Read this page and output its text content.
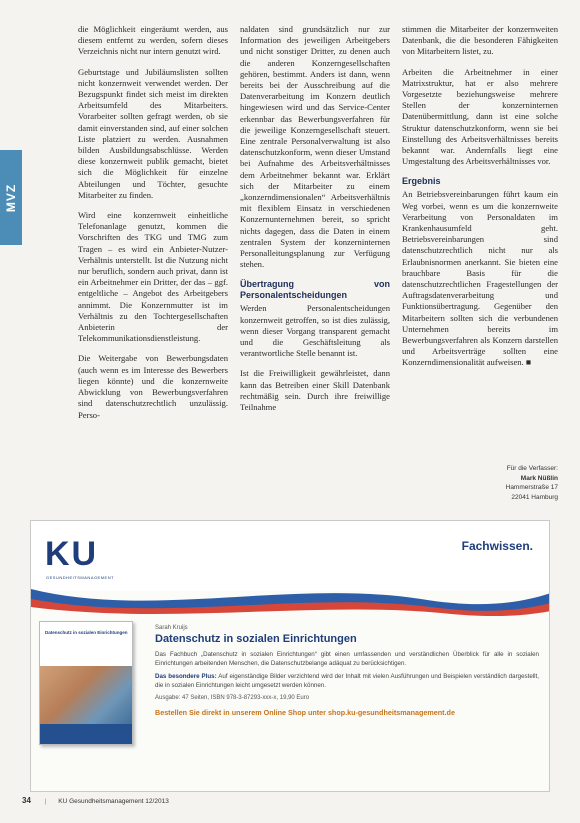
MVZ

die Möglichkeit eingeräumt werden, aus diesem entfernt zu werden, sofern dieses Verzeichnis nicht nur intern genutzt wird.

Geburtstage und Jubiläumslisten sollten nicht konzernweit verwendet werden. Der Bezugspunkt findet sich meist im direkten Arbeitsumfeld des Mitarbeiters. Vorarbeiter sollten gefragt werden, ob sie damit einverstanden sind, auf einer solchen Liste platziert zu werden. Ausnahmen bilden Ausbildungsabschlüsse. Werden diese konzernweit publik gemacht, bietet sich die Möglichkeit für einzelne Abteilungen und Töchter, gesuchte Mitarbeiter zu finden.

Wird eine konzernweit einheitliche Telefonanlage genutzt, kommen die Vorschriften des TKG und TMG zum Tragen – es wird ein Anbieter-Nutzer-Verhältnis unterstellt. Ist die Nutzung nicht nur beruflich, sondern auch privat, dann ist ein Arbeitnehmer ein Dritter, der das – ggf. entgeltliche – Angebot des Arbeitgebers annimmt. Die Konzernmutter ist im Verhältnis zu den Tochtergesellschaften Anbieterin der Telekommunikationsdienstleistung.

Die Weitergabe von Bewerbungsdaten (auch wenn es im Interesse des Bewerbers liegen könnte) und die konzernweite Abwicklung von Bewerbungsverfahren sind datenschutzrechtlich unzulässig. Perso-

naldaten sind grundsätzlich nur zur Information des jeweiligen Arbeitgebers und nicht sonstiger Dritter, zu denen auch die anderen Konzerngesellschaften gehören, bestimmt. Anders ist dann, wenn bereits bei der Ausschreibung auf die Datenverarbeitung im Konzern deutlich hingewiesen wird und das Service-Center erkennbar das Bewerbungsverfahren für die jeweilige Konzerngesellschaft steuert. Eine zentrale Personalverwaltung ist also datenschutzkonform, wenn dieser Umstand bei Aufnahme des Arbeitsverhältnisses dem Arbeitnehmer bekannt war. Erklärt sich der Mitarbeiter zu einem „konzerndimensionalen“ Arbeitsverhältnis mit flexiblem Einsatz in verschiedenen Konzernunternehmen bereit, so spricht nichts dagegen, dass die Daten in einem zentralen System der konzerninternen Personalleitungsplanung zur Verfügung stehen.

Übertragung von Personalentscheidungen

Werden Personalentscheidungen konzernweit getroffen, so ist dies zulässig, wenn dieser Vorgang transparent gemacht und die Geschäftsleitung als verantwortliche Stelle benannt ist.

Ist die Freiwilligkeit gewährleistet, dann kann das Betreiben einer Skill Datenbank rechtmäßig sein. Durch ihre freiwillige Teilnahme

stimmen die Mitarbeiter der konzernweiten Datenbank, die die besonderen Fähigkeiten von Mitarbeitern listet, zu.

Arbeiten die Arbeitnehmer in einer Matrixstruktur, hat er also mehrere Vorgesetzte beziehungsweise mehrere Stellen der konzerninternen Datenübermittlung, dann ist eine solche Struktur datenschutzkonform, wenn sie bei Einstellung des Arbeitsverhältnisses bereits bekannt war. Andernfalls liegt eine Umgestaltung des Arbeitsverhältnisses vor.

Ergebnis

An Betriebsvereinbarungen führt kaum ein Weg vorbei, wenn es um die konzernweite Verarbeitung von Personaldaten im Krankenhausumfeld geht. Betriebsvereinbarungen sind datenschutzrechtlich nicht nur als Erlaubnisnormen anerkannt. Sie bieten eine brauchbare Basis für die datenschutzrechtlichen Fragestellungen der Auftragsdatenverarbeitung und Funktionsübertragung. Gegenüber den Mitarbeitern sollten sich die verbundenen Unternehmen bereits im Bewerbungsverfahren als Konzern darstellen und Arbeitsverträge sollten eine Konzerndimensionalität aufweisen. ■

Für die Verfasser:
Mark Nüßlin
Hammerstraße 17
22041 Hamburg
KU
GESUNDHEITSMANAGEMENT
Fachwissen.
Datenschutz in sozialen Einrichtungen
Sarah Kruijs
Datenschutz in sozialen Einrichtungen
Das Fachbuch „Datenschutz in sozialen Einrichtungen“ gibt einen umfassenden und verständlichen Überblick für alle in sozialen Einrichtungen arbeitenden Menschen, die Datenschutzbelange adäquat zu berücksichtigen.
Das besondere Plus: Auf eigenständige Bilder verzichtend wird der Inhalt mit vielen Ausführungen und Beispielen verständlich dargestellt, die in sozialen Einrichtungen leicht umgesetzt werden können.
Ausgabe: 47 Seiten, ISBN 978-3-87293-xxx-x, 19,90 Euro
Bestellen Sie direkt in unserem Online Shop unter shop.ku-gesundheitsmanagement.de
34 | KU Gesundheitsmanagement 12/2013
